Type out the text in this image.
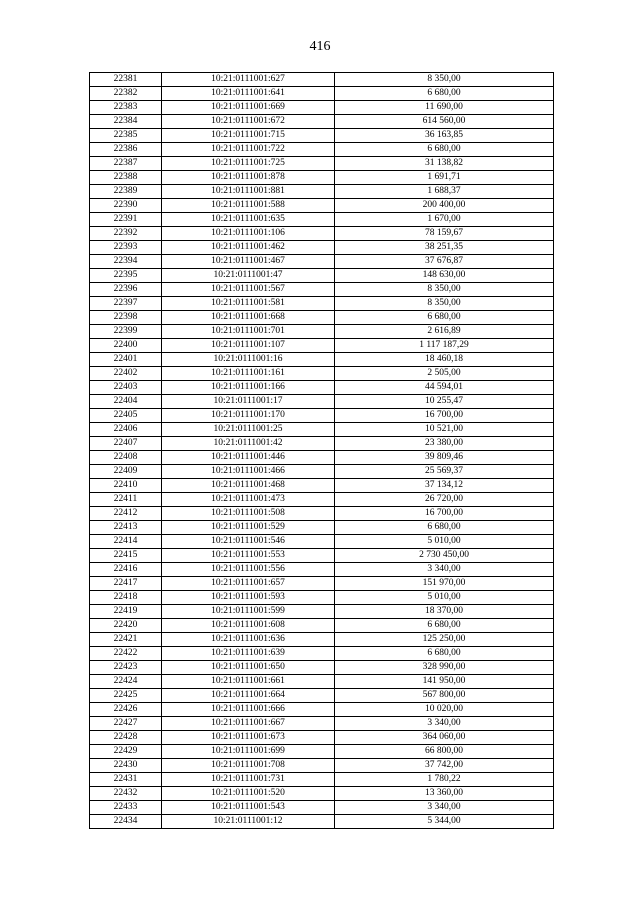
416
22381	10:21:0111001:627	8 350,00
22382	10:21:0111001:641	6 680,00
22383	10:21:0111001:669	11 690,00
22384	10:21:0111001:672	614 560,00
22385	10:21:0111001:715	36 163,85
22386	10:21:0111001:722	6 680,00
22387	10:21:0111001:725	31 138,82
22388	10:21:0111001:878	1 691,71
22389	10:21:0111001:881	1 688,37
22390	10:21:0111001:588	200 400,00
22391	10:21:0111001:635	1 670,00
22392	10:21:0111001:106	78 159,67
22393	10:21:0111001:462	38 251,35
22394	10:21:0111001:467	37 676,87
22395	10:21:0111001:47	148 630,00
22396	10:21:0111001:567	8 350,00
22397	10:21:0111001:581	8 350,00
22398	10:21:0111001:668	6 680,00
22399	10:21:0111001:701	2 616,89
22400	10:21:0111001:107	1 117 187,29
22401	10:21:0111001:16	18 460,18
22402	10:21:0111001:161	2 505,00
22403	10:21:0111001:166	44 594,01
22404	10:21:0111001:17	10 255,47
22405	10:21:0111001:170	16 700,00
22406	10:21:0111001:25	10 521,00
22407	10:21:0111001:42	23 380,00
22408	10:21:0111001:446	39 809,46
22409	10:21:0111001:466	25 569,37
22410	10:21:0111001:468	37 134,12
22411	10:21:0111001:473	26 720,00
22412	10:21:0111001:508	16 700,00
22413	10:21:0111001:529	6 680,00
22414	10:21:0111001:546	5 010,00
22415	10:21:0111001:553	2 730 450,00
22416	10:21:0111001:556	3 340,00
22417	10:21:0111001:657	151 970,00
22418	10:21:0111001:593	5 010,00
22419	10:21:0111001:599	18 370,00
22420	10:21:0111001:608	6 680,00
22421	10:21:0111001:636	125 250,00
22422	10:21:0111001:639	6 680,00
22423	10:21:0111001:650	328 990,00
22424	10:21:0111001:661	141 950,00
22425	10:21:0111001:664	567 800,00
22426	10:21:0111001:666	10 020,00
22427	10:21:0111001:667	3 340,00
22428	10:21:0111001:673	364 060,00
22429	10:21:0111001:699	66 800,00
22430	10:21:0111001:708	37 742,00
22431	10:21:0111001:731	1 780,22
22432	10:21:0111001:520	13 360,00
22433	10:21:0111001:543	3 340,00
22434	10:21:0111001:12	5 344,00
